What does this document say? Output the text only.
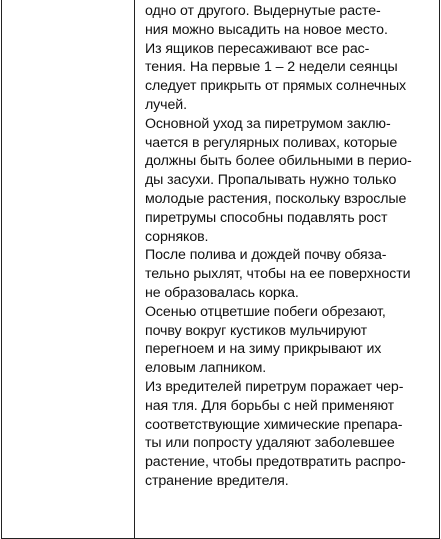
одно от другого. Выдернутые расте-
ния можно высадить на новое место.
Из ящиков пересаживают все рас-
тения. На первые 1 – 2 недели сеянцы
следует прикрыть от прямых солнечных
лучей.
Основной уход за пиретрумом заклю-
чается в регулярных поливах, которые
должны быть более обильными в перио-
ды засухи. Пропалывать нужно только
молодые растения, поскольку взрослые
пиретрумы способны подавлять рост
сорняков.
После полива и дождей почву обяза-
тельно рыхлят, чтобы на ее поверхности
не образовалась корка.
Осенью отцветшие побеги обрезают,
почву вокруг кустиков мульчируют
перегноем и на зиму прикрывают их
еловым лапником.
Из вредителей пиретрум поражает чер-
ная тля. Для борьбы с ней применяют
соответствующие химические препара-
ты или попросту удаляют заболевшее
растение, чтобы предотвратить распро-
странение вредителя.
